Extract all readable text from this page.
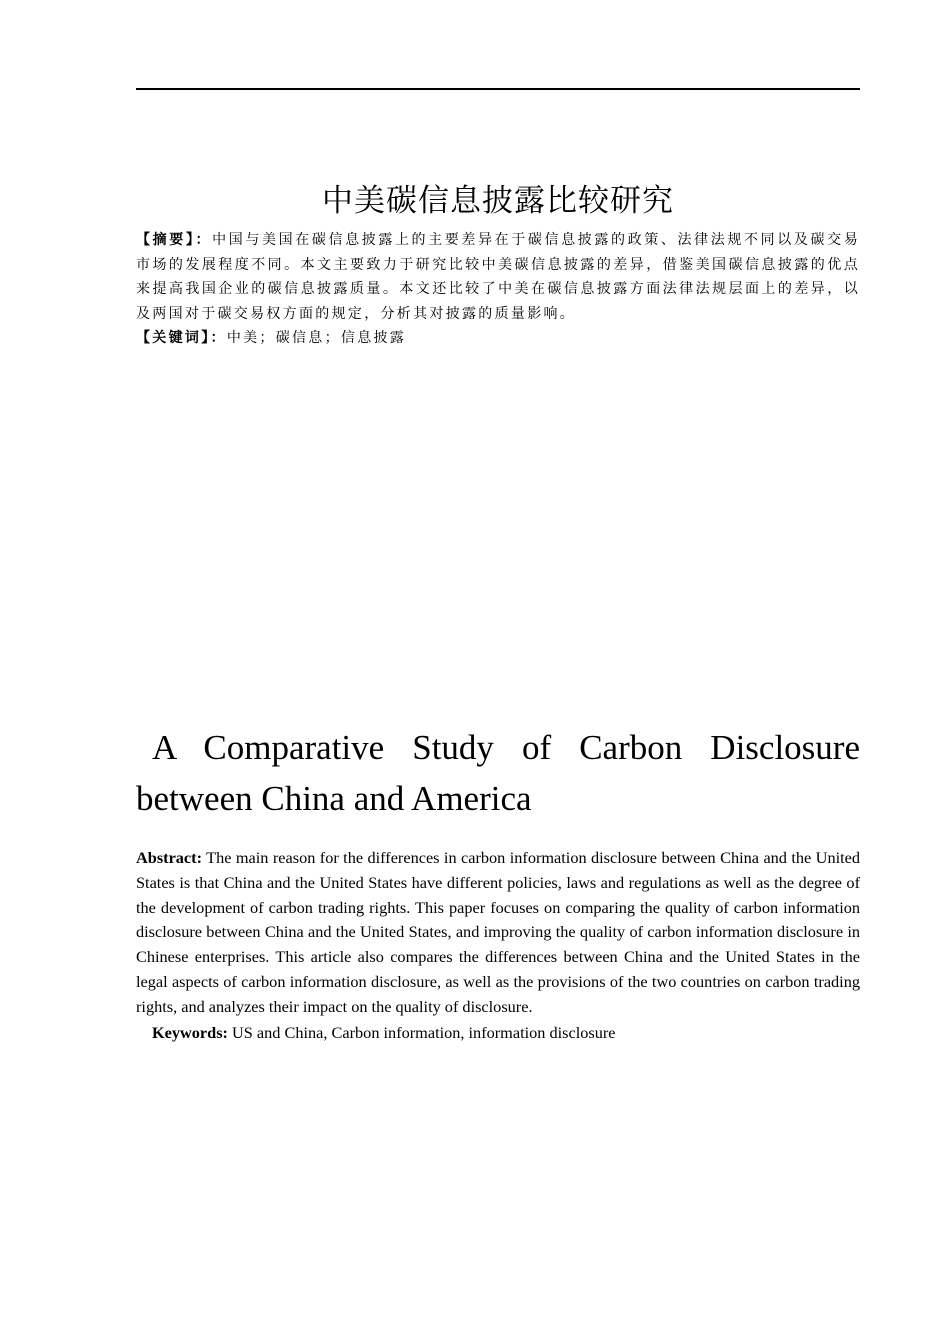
中美碳信息披露比较研究

【摘要】：中国与美国在碳信息披露上的主要差异在于碳信息披露的政策、法律法规不同以及碳交易市场的发展程度不同。本文主要致力于研究比较中美碳信息披露的差异，借鉴美国碳信息披露的优点来提高我国企业的碳信息披露质量。本文还比较了中美在碳信息披露方面法律法规层面上的差异，以及两国对于碳交易权方面的规定，分析其对披露的质量影响。

【关键词】：中美；碳信息；信息披露

A Comparative Study of Carbon Disclosure between China and America

Abstract: The main reason for the differences in carbon information disclosure between China and the United States is that China and the United States have different policies, laws and regulations as well as the degree of the development of carbon trading rights. This paper focuses on comparing the quality of carbon information disclosure between China and the United States, and improving the quality of carbon information disclosure in Chinese enterprises. This article also compares the differences between China and the United States in the legal aspects of carbon information disclosure, as well as the provisions of the two countries on carbon trading rights, and analyzes their impact on the quality of disclosure.

Keywords: US and China, Carbon information, information disclosure
